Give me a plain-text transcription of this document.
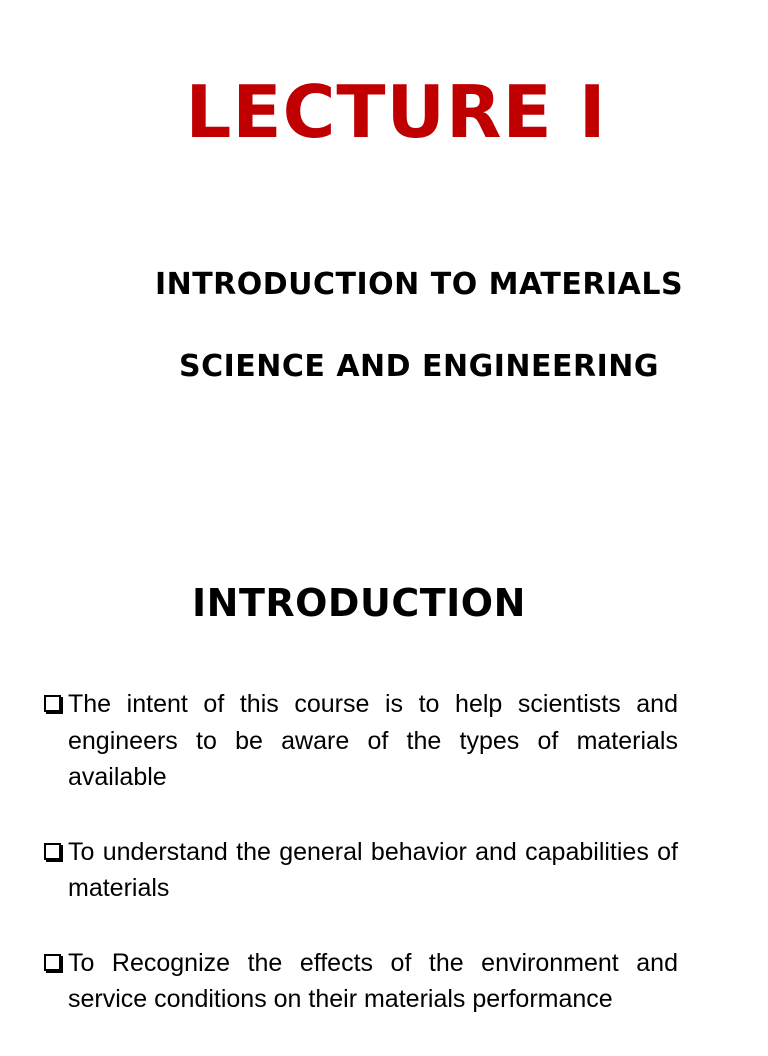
LECTURE I
INTRODUCTION TO MATERIALS
SCIENCE AND ENGINEERING
INTRODUCTION
The intent of this course is to help scientists and engineers to be aware of the types of materials available
To understand the general behavior and capabilities of materials
To Recognize the effects of the environment and service conditions on their materials performance
